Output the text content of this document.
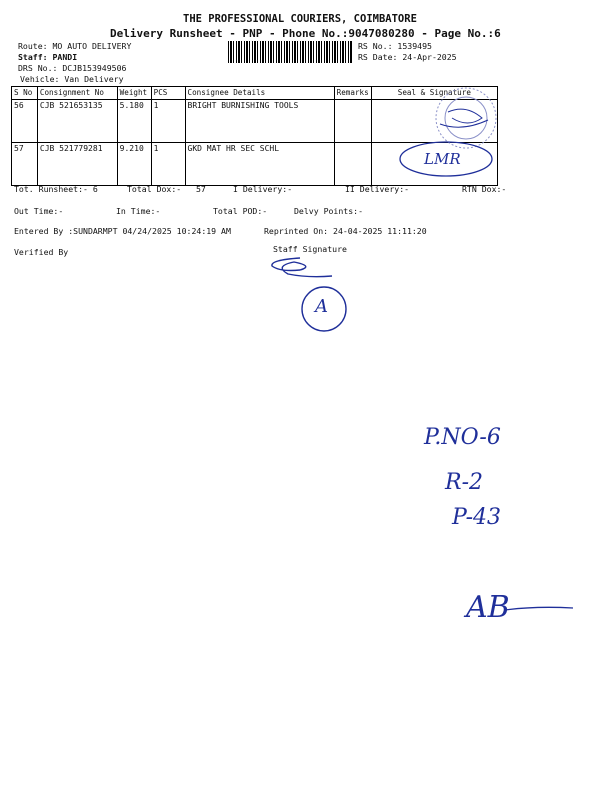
THE PROFESSIONAL COURIERS, COIMBATORE
Delivery Runsheet - PNP - Phone No.:9047080280 - Page No.:6
Route: MO AUTO DELIVERY
Staff: PANDI
DRS No.: DCJB153949506
Vehicle: Van Delivery
RS No.: 1539495
RS Date: 24-Apr-2025
S No	Consignment No	Weight	PCS	Consignee Details	Remarks	Seal & Signature
56	CJB 521653135	5.180	1	BRIGHT BURNISHING TOOLS		
57	CJB 521779281	9.210	1	GKD MAT HR SEC SCHL		
Tot. Runsheet:- 6	Total Dox:- 57	I Delivery:-	II Delivery:-	RTN Dox:-
Out Time:-	In Time:-	Total POD:-	Delvy Points:-
Entered By :SUNDARMPT 04/24/2025 10:24:19 AM	Reprinted On: 24-04-2025 11:11:20
Verified By	Staff Signature
LMR
A
P.NO-6
R-2
P-43
AB
